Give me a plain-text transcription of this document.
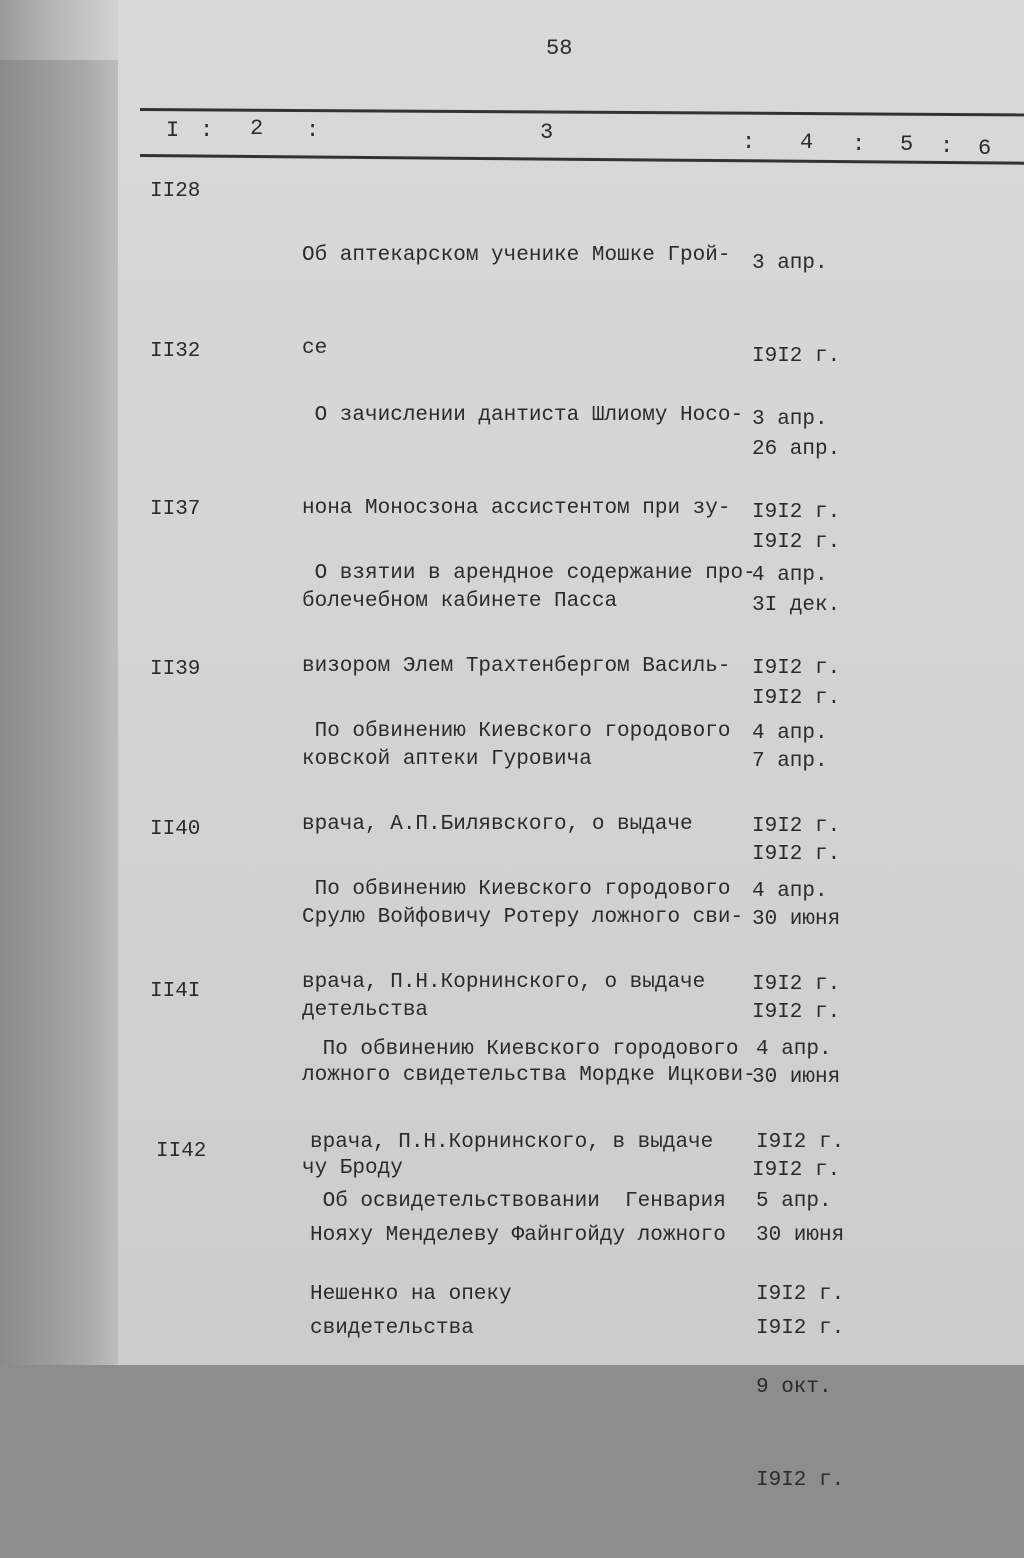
58
I : 2 :	3	: 4 : 5 : 6
II28

Об аптекарском ученике Мошке Грой-

се

3 апр.

I9I2 г.

26 апр.

I9I2 г.

II32

О зачислении дантиста Шлиому Носо-

нона Моносзона ассистентом при зу-

болечебном кабинете Пасса

3 апр.

I9I2 г.

3I дек.

I9I2 г.

II37

О взятии в арендное содержание про-

визором Элем Трахтенбергом Василь-

ковской аптеки Гуровича

4 апр.

I9I2 г.

7 апр.

I9I2 г.

II39

По обвинению Киевского городового

врача, А.П.Билявского, о выдаче

Срулю Войфовичу Ротеру ложного сви-

детельства

4 апр.

I9I2 г.

30 июня

I9I2 г.

II40

По обвинению Киевского городового

врача, П.Н.Корнинского, о выдаче

ложного свидетельства Мордке Ицкови-

чу Броду

4 апр.

I9I2 г.

30 июня

I9I2 г.

II4I

По обвинению Киевского городового

врача, П.Н.Корнинского, в выдаче

Нояху Менделеву Файнгойду ложного

свидетельства

4 апр.

I9I2 г.

30 июня

I9I2 г.

II42

Об освидетельствовании  Генвария

Нешенко на опеку

5 апр.

I9I2 г.

9 окт.

I9I2 г.
